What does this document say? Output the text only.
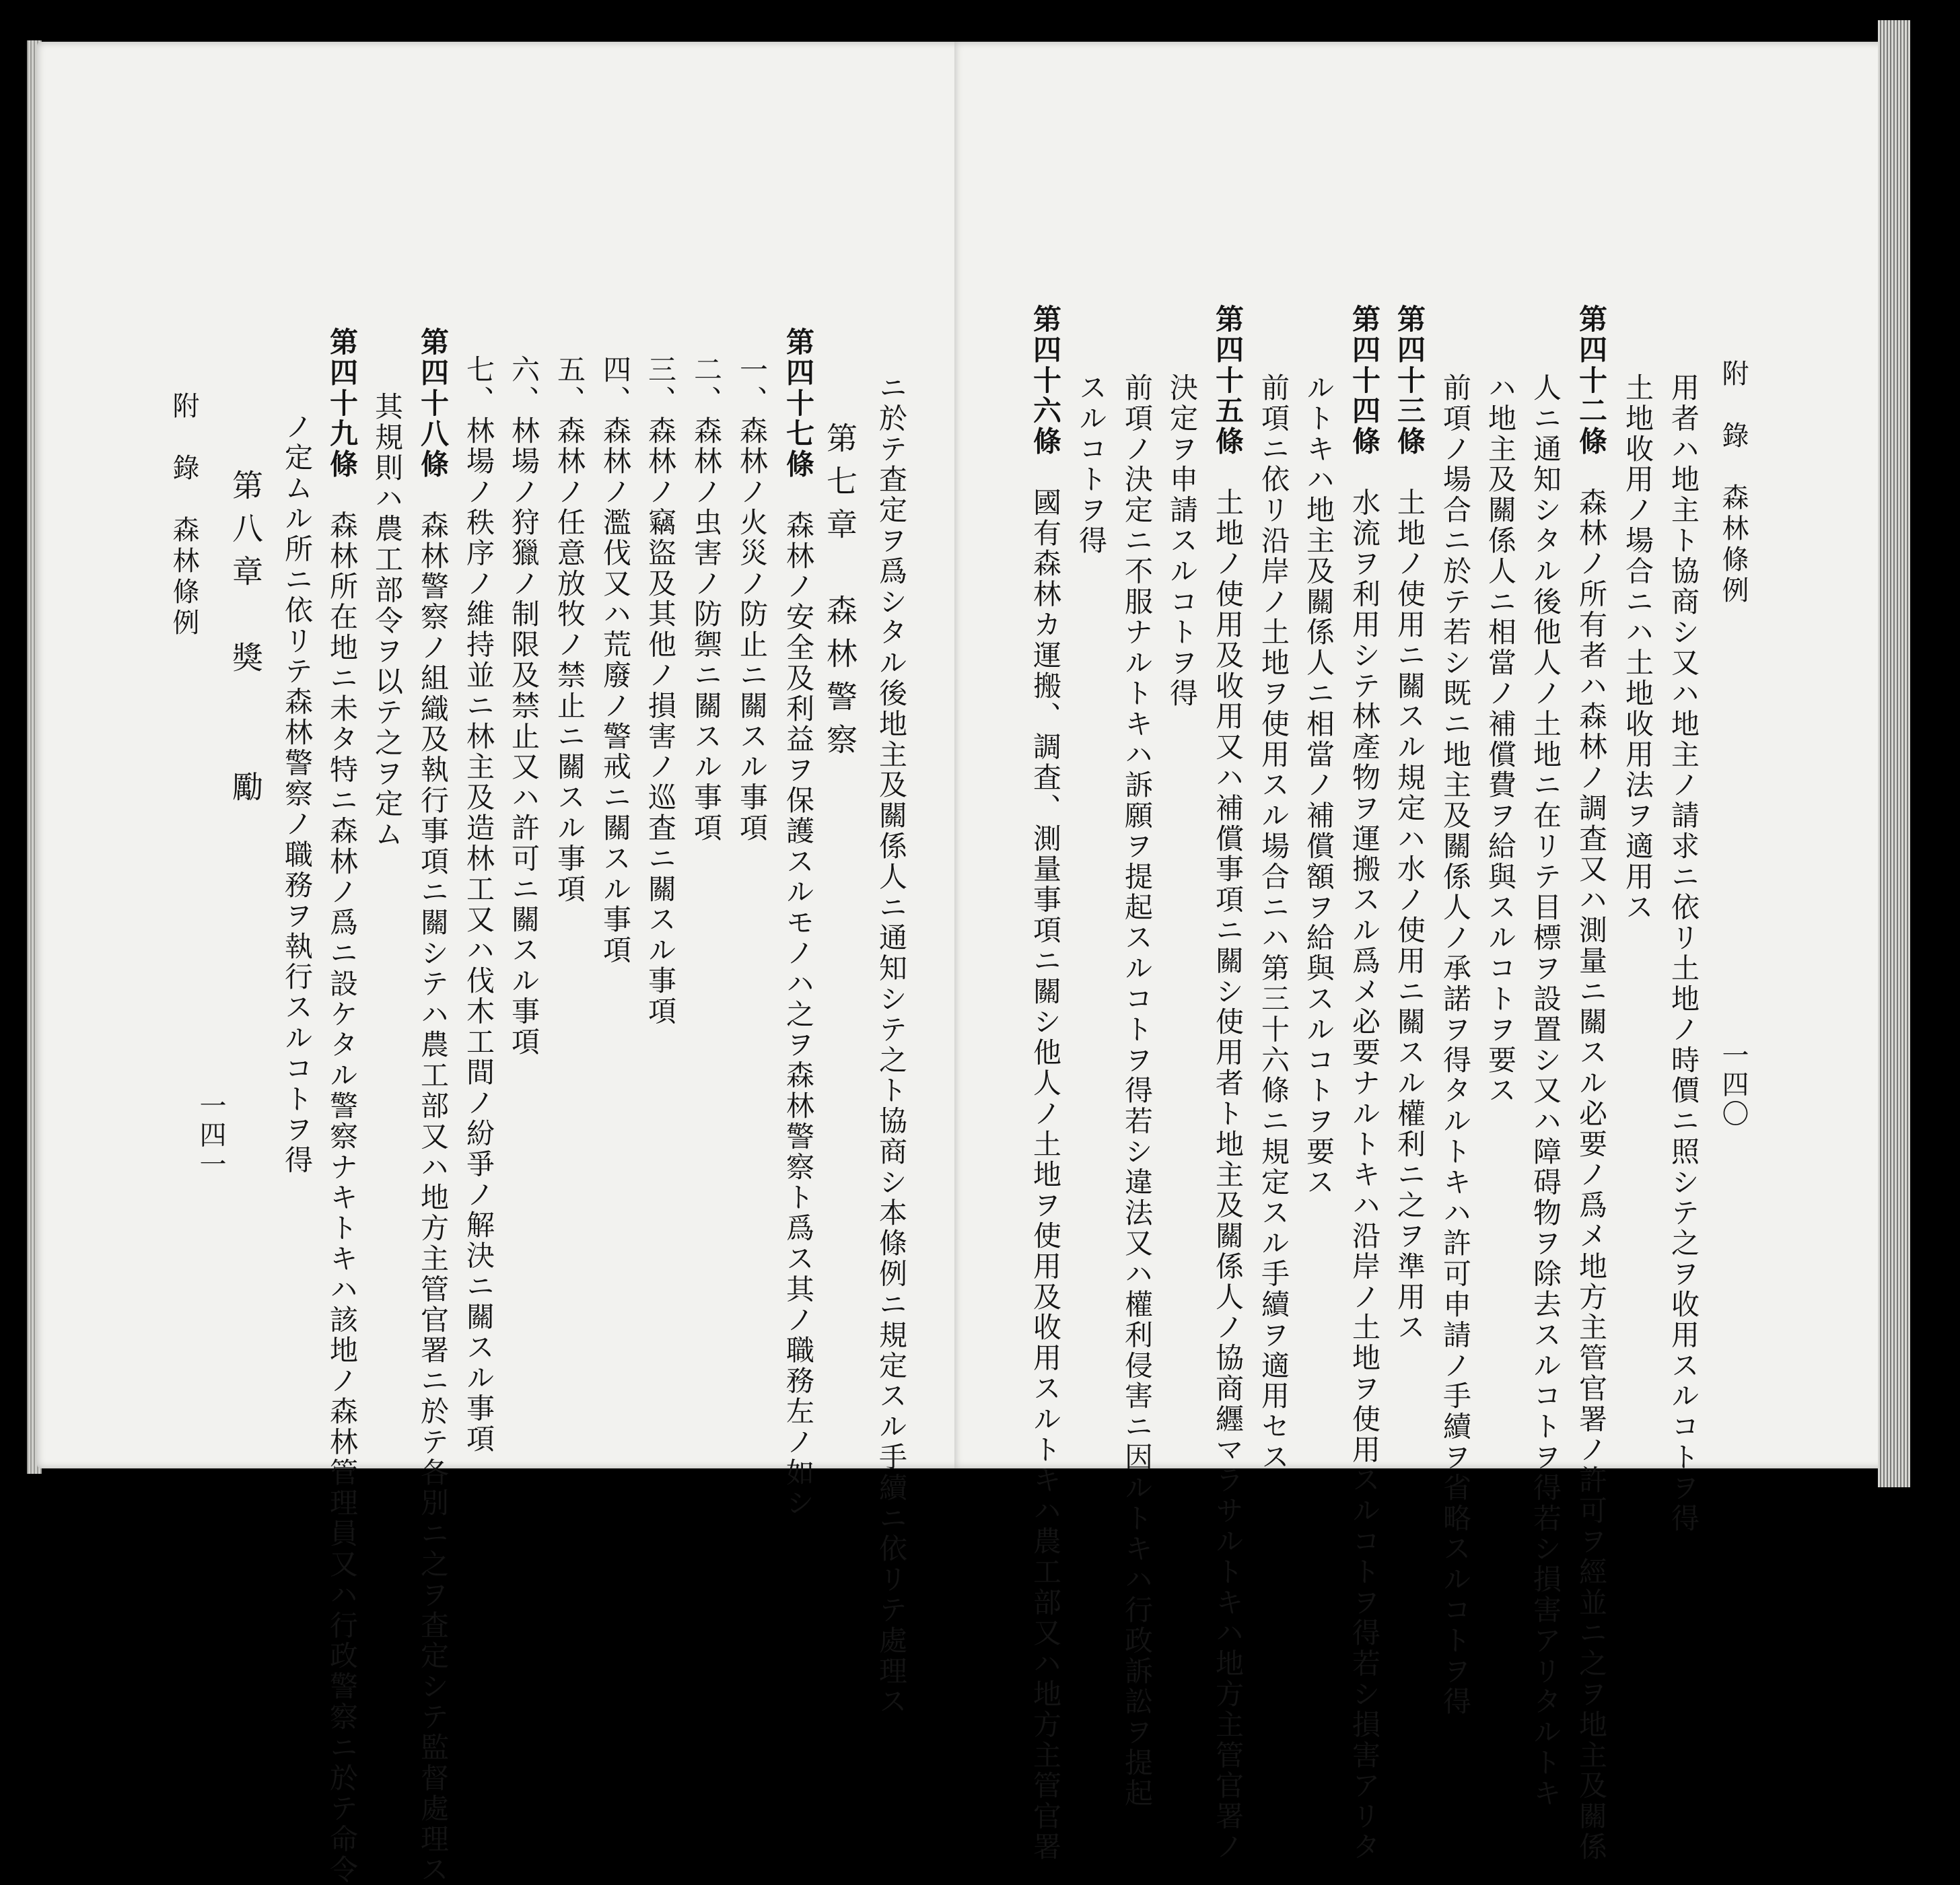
ニ於テ査定ヲ爲シタル後地主及關係人ニ通知シテ之ト協商シ本條例ニ規定スル手續ニ依リテ處理ス

第七章　森林警察

第四十七條　森林ノ安全及利益ヲ保護スルモノハ之ヲ森林警察ト爲ス其ノ職務左ノ如シ

一、森林ノ火災ノ防止ニ關スル事項

二、森林ノ虫害ノ防禦ニ關スル事項

三、森林ノ竊盜及其他ノ損害ノ巡査ニ關スル事項

四、森林ノ濫伐又ハ荒廢ノ警戒ニ關スル事項

五、森林ノ任意放牧ノ禁止ニ關スル事項

六、林場ノ狩獵ノ制限及禁止又ハ許可ニ關スル事項

七、林場ノ秩序ノ維持並ニ林主及造林工又ハ伐木工間ノ紛爭ノ解決ニ關スル事項

第四十八條　森林警察ノ組織及執行事項ニ關シテハ農工部又ハ地方主管官署ニ於テ各別ニ之ヲ査定シテ監督處理ス

其規則ハ農工部令ヲ以テ之ヲ定ム

第四十九條　森林所在地ニ未タ特ニ森林ノ爲ニ設ケタル警察ナキトキハ該地ノ森林管理員又ハ行政警察ニ於テ命令

ノ定ムル所ニ依リテ森林警察ノ職務ヲ執行スルコトヲ得

第八章　獎　　勵

附　錄　森林條例

一四一

一四〇

附　錄　森林條例

用者ハ地主ト協商シ又ハ地主ノ請求ニ依リ土地ノ時價ニ照シテ之ヲ收用スルコトヲ得

土地收用ノ場合ニハ土地收用法ヲ適用ス

第四十二條　森林ノ所有者ハ森林ノ調査又ハ測量ニ關スル必要ノ爲メ地方主管官署ノ許可ヲ經並ニ之ヲ地主及關係

人ニ通知シタル後他人ノ土地ニ在リテ目標ヲ設置シ又ハ障碍物ヲ除去スルコトヲ得若シ損害アリタルトキ

ハ地主及關係人ニ相當ノ補償費ヲ給與スルコトヲ要ス

前項ノ場合ニ於テ若シ既ニ地主及關係人ノ承諾ヲ得タルトキハ許可申請ノ手續ヲ省略スルコトヲ得

第四十三條　土地ノ使用ニ關スル規定ハ水ノ使用ニ關スル權利ニ之ヲ準用ス

第四十四條　水流ヲ利用シテ林產物ヲ運搬スル爲メ必要ナルトキハ沿岸ノ土地ヲ使用スルコトヲ得若シ損害アリタ

ルトキハ地主及關係人ニ相當ノ補償額ヲ給與スルコトヲ要ス

前項ニ依リ沿岸ノ土地ヲ使用スル場合ニハ第三十六條ニ規定スル手續ヲ適用セス

第四十五條　土地ノ使用及收用又ハ補償事項ニ關シ使用者ト地主及關係人ノ協商纒マラサルトキハ地方主管官署ノ

決定ヲ申請スルコトヲ得

前項ノ決定ニ不服ナルトキハ訴願ヲ提起スルコトヲ得若シ違法又ハ權利侵害ニ因ルトキハ行政訴訟ヲ提起

スルコトヲ得

第四十六條　國有森林カ運搬、調査、測量事項ニ關シ他人ノ土地ヲ使用及收用スルトキハ農工部又ハ地方主管官署
